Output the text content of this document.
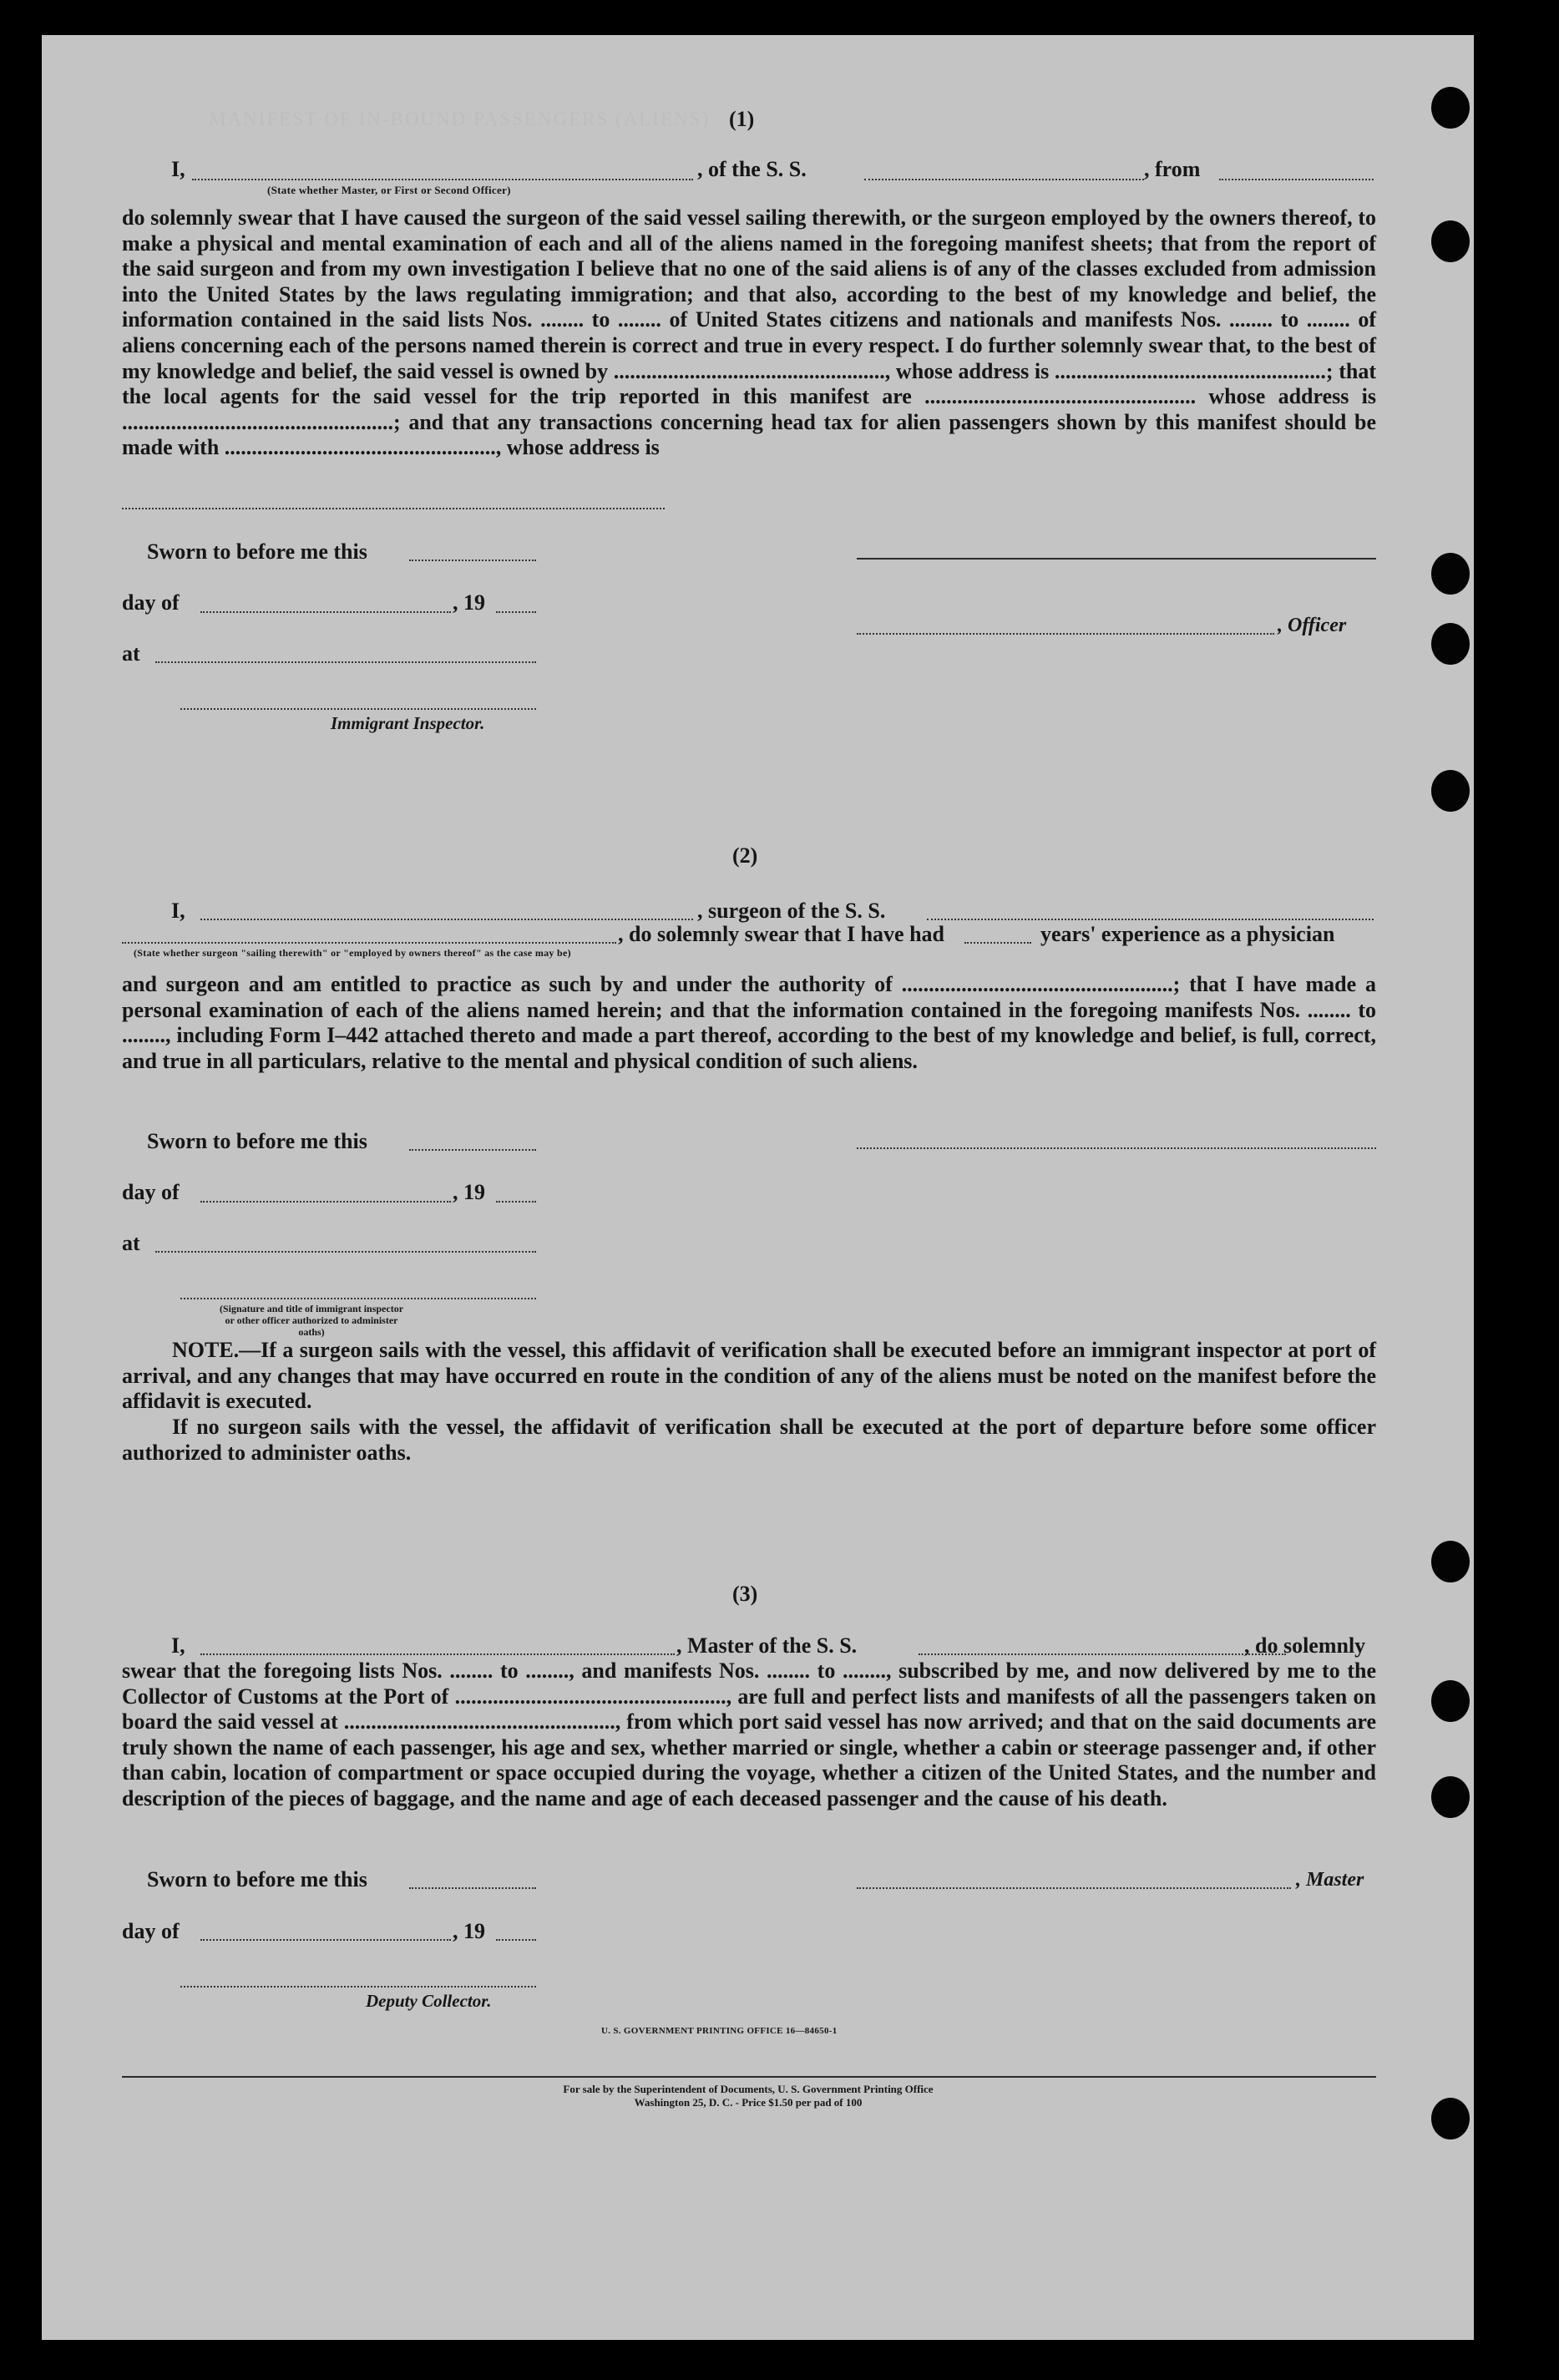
MANIFEST OF IN-BOUND PASSENGERS (ALIENS) (1)
I,	, of the S. S.	, from
(State whether Master, or First or Second Officer)
do solemnly swear that I have caused the surgeon of the said vessel sailing therewith, or the surgeon employed by the owners thereof, to make a physical and mental examination of each and all of the aliens named in the foregoing manifest sheets; that from the report of the said surgeon and from my own investigation I believe that no one of the said aliens is of any of the classes excluded from admission into the United States by the laws regulating immigration; and that also, according to the best of my knowledge and belief, the information contained in the said lists Nos. ........ to ........ of United States citizens and nationals and manifests Nos. ........ to ........ of aliens concerning each of the persons named therein is correct and true in every respect. I do further solemnly swear that, to the best of my knowledge and belief, the said vessel is owned by .................................................., whose address is ..................................................; that the local agents for the said vessel for the trip reported in this manifest are .................................................. whose address is ..................................................; and that any transactions concerning head tax for alien passengers shown by this manifest should be made with .................................................., whose address is
Sworn to before me this
day of	, 19
, Officer
at
Immigrant Inspector.
(2)
I,	, surgeon of the S. S.
, do solemnly swear that I have had	years' experience as a physician
(State whether surgeon "sailing therewith" or "employed by owners thereof" as the case may be)
and surgeon and am entitled to practice as such by and under the authority of ..................................................; that I have made a personal examination of each of the aliens named herein; and that the information contained in the foregoing manifests Nos. ........ to ........, including Form I–442 attached thereto and made a part thereof, according to the best of my knowledge and belief, is full, correct, and true in all particulars, relative to the mental and physical condition of such aliens.
Sworn to before me this
day of	, 19
at
(Signature and title of immigrant inspector or other officer authorized to administer oaths)
NOTE.—If a surgeon sails with the vessel, this affidavit of verification shall be executed before an immigrant inspector at port of arrival, and any changes that may have occurred en route in the condition of any of the aliens must be noted on the manifest before the affidavit is executed.
If no surgeon sails with the vessel, the affidavit of verification shall be executed at the port of departure before some officer authorized to administer oaths.
(3)
I,	, Master of the S. S.	, do solemnly
swear that the foregoing lists Nos. ........ to ........, and manifests Nos. ........ to ........, subscribed by me, and now delivered by me to the Collector of Customs at the Port of .................................................., are full and perfect lists and manifests of all the passengers taken on board the said vessel at .................................................., from which port said vessel has now arrived; and that on the said documents are truly shown the name of each passenger, his age and sex, whether married or single, whether a cabin or steerage passenger and, if other than cabin, location of compartment or space occupied during the voyage, whether a citizen of the United States, and the number and description of the pieces of baggage, and the name and age of each deceased passenger and the cause of his death.
Sworn to before me this	, Master
day of	, 19
Deputy Collector.
U. S. GOVERNMENT PRINTING OFFICE 16—84650-1
For sale by the Superintendent of Documents, U. S. Government Printing Office
Washington 25, D. C. - Price $1.50 per pad of 100
